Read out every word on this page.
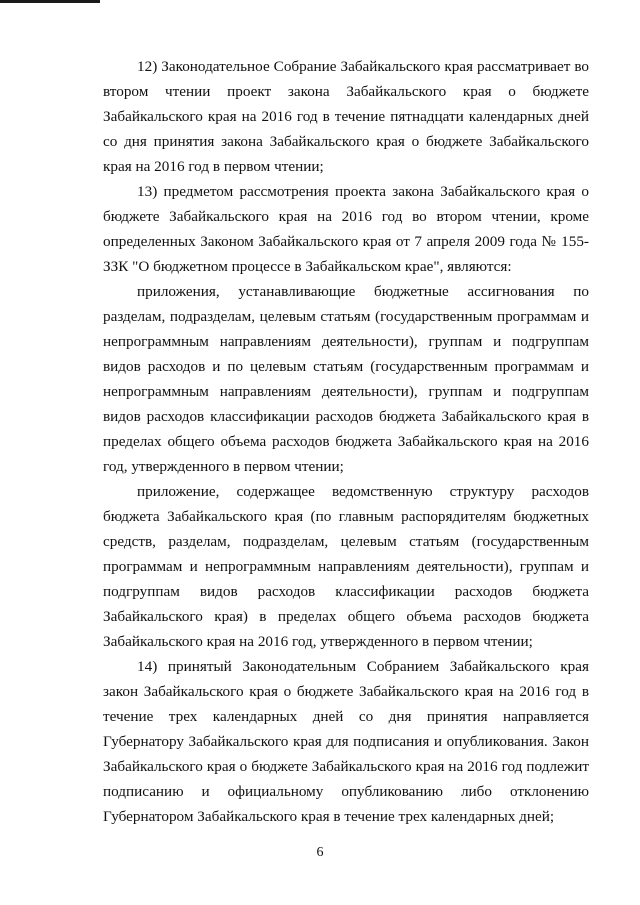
12) Законодательное Собрание Забайкальского края рассматривает во втором чтении проект закона Забайкальского края о бюджете Забайкальского края на 2016 год в течение пятнадцати календарных дней со дня принятия закона Забайкальского края о бюджете Забайкальского края на 2016 год в первом чтении;

13) предметом рассмотрения проекта закона Забайкальского края о бюджете Забайкальского края на 2016 год во втором чтении, кроме определенных Законом Забайкальского края от 7 апреля 2009 года № 155-ЗЗК "О бюджетном процессе в Забайкальском крае", являются:

приложения, устанавливающие бюджетные ассигнования по разделам, подразделам, целевым статьям (государственным программам и непрограммным направлениям деятельности), группам и подгруппам видов расходов и по целевым статьям (государственным программам и непрограммным направлениям деятельности), группам и подгруппам видов расходов классификации расходов бюджета Забайкальского края в пределах общего объема расходов бюджета Забайкальского края на 2016 год, утвержденного в первом чтении;

приложение, содержащее ведомственную структуру расходов бюджета Забайкальского края (по главным распорядителям бюджетных средств, разделам, подразделам, целевым статьям (государственным программам и непрограммным направлениям деятельности), группам и подгруппам видов расходов классификации расходов бюджета Забайкальского края) в пределах общего объема расходов бюджета Забайкальского края на 2016 год, утвержденного в первом чтении;

14) принятый Законодательным Собранием Забайкальского края закон Забайкальского края о бюджете Забайкальского края на 2016 год в течение трех календарных дней со дня принятия направляется Губернатору Забайкальского края для подписания и опубликования. Закон Забайкальского края о бюджете Забайкальского края на 2016 год подлежит подписанию и официальному опубликованию либо отклонению Губернатором Забайкальского края в течение трех календарных дней;

6
